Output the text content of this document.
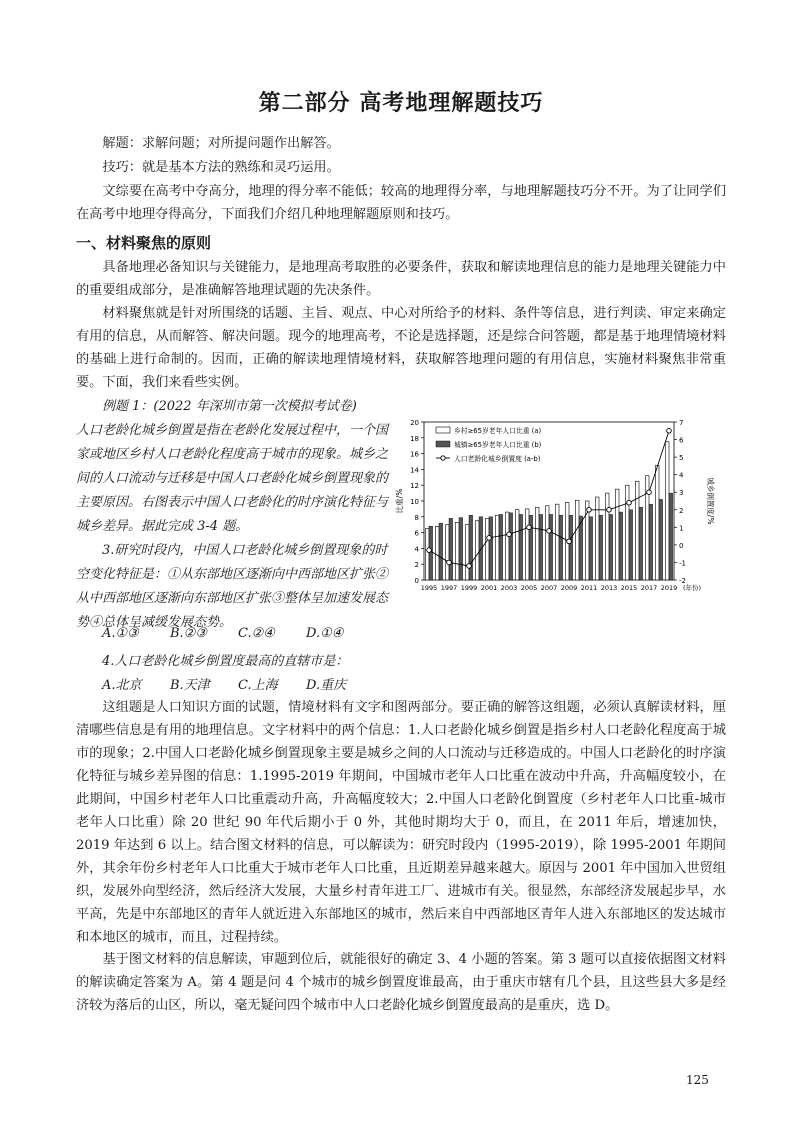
第二部分 高考地理解题技巧

解题：求解问题；对所提问题作出解答。

技巧：就是基本方法的熟练和灵巧运用。

文综要在高考中夺高分，地理的得分率不能低；较高的地理得分率，与地理解题技巧分不开。为了让同学们在高考中地理夺得高分，下面我们介绍几种地理解题原则和技巧。

一、材料聚焦的原则

具备地理必备知识与关键能力，是地理高考取胜的必要条件，获取和解读地理信息的能力是地理关键能力中的重要组成部分，是准确解答地理试题的先决条件。

材料聚焦就是针对所围绕的话题、主旨、观点、中心对所给予的材料、条件等信息，进行判读、审定来确定有用的信息，从而解答、解决问题。现今的地理高考，不论是选择题，还是综合问答题，都是基于地理情境材料的基础上进行命制的。因而，正确的解读地理情境材料，获取解答地理问题的有用信息，实施材料聚焦非常重要。下面，我们来看些实例。

例题 1：(2022 年深圳市第一次模拟考试卷)
人口老龄化城乡倒置是指在老龄化发展过程中，一个国家或地区乡村人口老龄化程度高于城市的现象。城乡之间的人口流动与迁移是中国人口老龄化城乡倒置现象的主要原因。右图表示中国人口老龄化的时序演化特征与城乡差异。据此完成 3-4 题。
3.研究时段内，中国人口老龄化城乡倒置现象的时空变化特征是：①从东部地区逐渐向中西部地区扩张②从中西部地区逐渐向东部地区扩张③整体呈加速发展态势④总体呈减缓发展态势。
A.①③ B.②③ C.②④ D.①④
4.人口老龄化城乡倒置度最高的直辖市是：
A.北京 B.天津 C.上海 D.重庆

这组题是人口知识方面的试题，情境材料有文字和图两部分。要正确的解答这组题，必须认真解读材料，厘清哪些信息是有用的地理信息。文字材料中的两个信息：1.人口老龄化城乡倒置是指乡村人口老龄化程度高于城市的现象；2.中国人口老龄化城乡倒置现象主要是城乡之间的人口流动与迁移造成的。中国人口老龄化的时序演化特征与城乡差异图的信息：1.1995-2019 年期间，中国城市老年人口比重在波动中升高，升高幅度较小，在此期间，中国乡村老年人口比重震动升高，升高幅度较大；2.中国人口老龄化倒置度（乡村老年人口比重-城市老年人口比重）除 20 世纪 90 年代后期小于 0 外，其他时期均大于 0，而且，在 2011 年后，增速加快，2019 年达到 6 以上。结合图文材料的信息，可以解读为：研究时段内（1995-2019），除 1995-2001 年期间外，其余年份乡村老年人口比重大于城市老年人口比重，且近期差异越来越大。原因与 2001 年中国加入世贸组织，发展外向型经济，然后经济大发展，大量乡村青年进工厂、进城市有关。很显然，东部经济发展起步早，水平高，先是中东部地区的青年人就近进入东部地区的城市，然后来自中西部地区青年人进入东部地区的发达城市和本地区的城市，而且，过程持续。

基于图文材料的信息解读，审题到位后，就能很好的确定 3、4 小题的答案。第 3 题可以直接依据图文材料的解读确定答案为 A。第 4 题是问 4 个城市的城乡倒置度谁最高，由于重庆市辖有几个县，且这些县大多是经济较为落后的山区，所以，毫无疑问四个城市中人口老龄化城乡倒置度最高的是重庆，选 D。

0
2
4
6
8
10
12
14
16
18
20
-2
-1
0
1
2
3
4
5
6
7
比重/%	城乡倒置度/%
1995 1997 1999 2001 2003 2005 2007 2009 2011 2013 2015 2017 2019 (年份)
乡村≥65岁老年人口比重 (a)
城镇≥65岁老年人口比重 (b)
人口老龄化城乡倒置度 (a-b)
125
